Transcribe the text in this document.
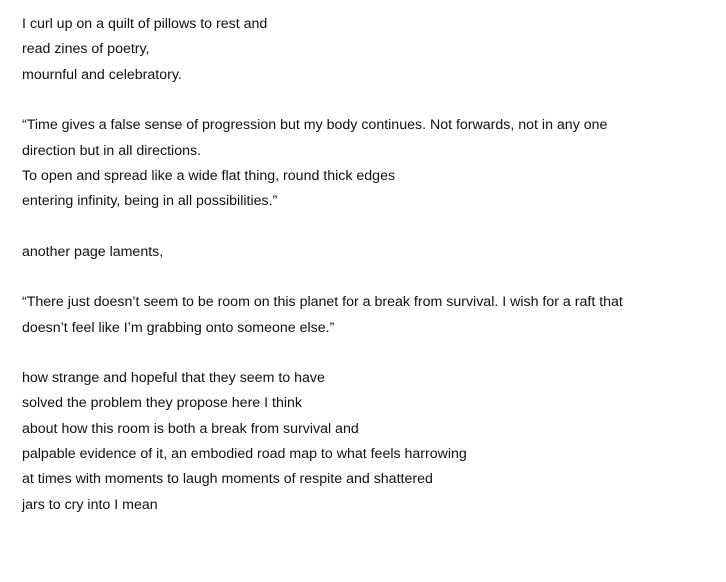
I curl up on a quilt of pillows to rest and
read zines of poetry,
mournful and celebratory.
“Time gives a false sense of progression but my body continues. Not forwards, not in any one
direction but in all directions.
To open and spread like a wide flat thing, round thick edges
entering infinity, being in all possibilities.”
another page laments,
“There just doesn’t seem to be room on this planet for a break from survival. I wish for a raft that
doesn’t feel like I’m grabbing onto someone else.”
how strange and hopeful that they seem to have
solved the problem they propose here I think
about how this room is both a break from survival and
palpable evidence of it, an embodied road map to what feels harrowing
at times with moments to laugh moments of respite and shattered
jars to cry into I mean
